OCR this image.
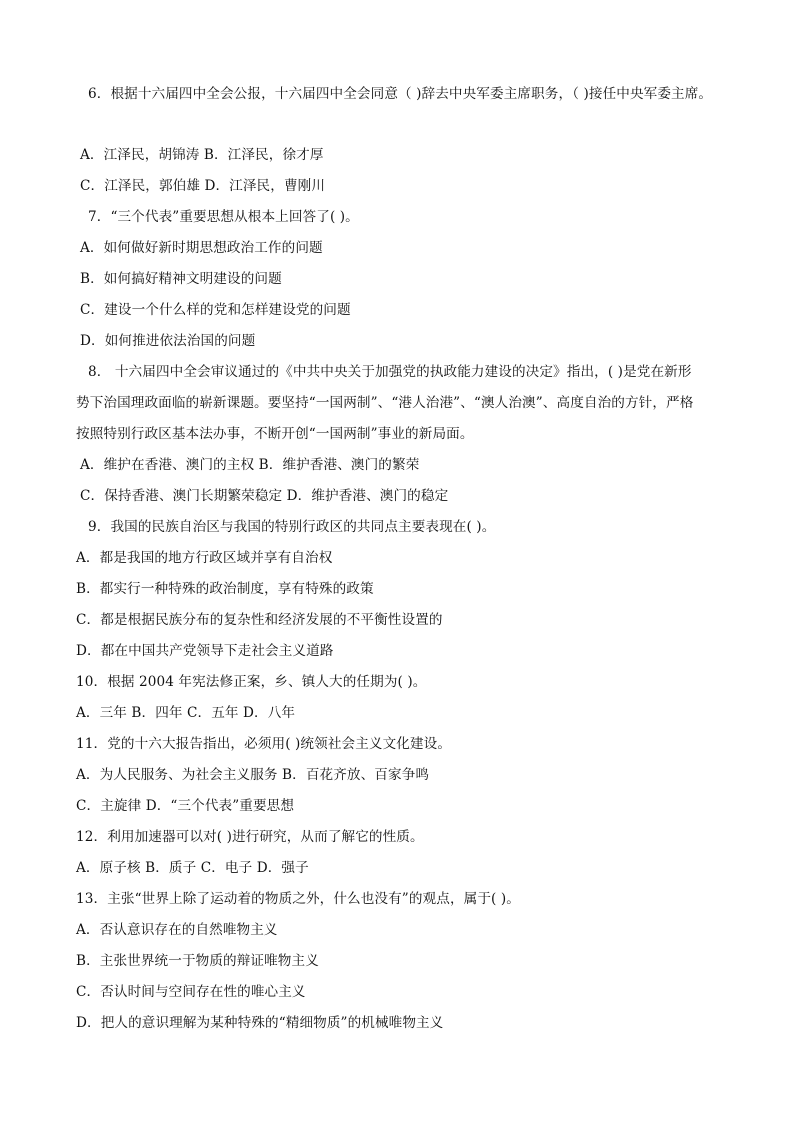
6．根据十六届四中全会公报，十六届四中全会同意（ )辞去中央军委主席职务，（ )接任中央军委主席。
A．江泽民，胡锦涛 B．江泽民，徐才厚
C．江泽民，郭伯雄 D．江泽民，曹刚川
7．“三个代表”重要思想从根本上回答了( )。
A．如何做好新时期思想政治工作的问题
B．如何搞好精神文明建设的问题
C．建设一个什么样的党和怎样建设党的问题
D．如何推进依法治国的问题
8． 十六届四中全会审议通过的《中共中央关于加强党的执政能力建设的决定》指出，( )是党在新形
势下治国理政面临的崭新课题。要坚持“一国两制”、“港人治港”、“澳人治澳”、高度自治的方针，严格
按照特别行政区基本法办事，不断开创“一国两制”事业的新局面。
A．维护在香港、澳门的主权 B．维护香港、澳门的繁荣
C．保持香港、澳门长期繁荣稳定 D．维护香港、澳门的稳定
9．我国的民族自治区与我国的特别行政区的共同点主要表现在( )。
A．都是我国的地方行政区域并享有自治权
B．都实行一种特殊的政治制度，享有特殊的政策
C．都是根据民族分布的复杂性和经济发展的不平衡性设置的
D．都在中国共产党领导下走社会主义道路
10．根据 2004 年宪法修正案，乡、镇人大的任期为( )。
A．三年 B．四年 C．五年 D．八年
11．党的十六大报告指出，必须用( )统领社会主义文化建设。
A．为人民服务、为社会主义服务 B．百花齐放、百家争鸣
C．主旋律 D．“三个代表”重要思想
12．利用加速器可以对( )进行研究，从而了解它的性质。
A．原子核 B．质子 C．电子 D．强子
13．主张“世界上除了运动着的物质之外，什么也没有”的观点，属于( )。
A．否认意识存在的自然唯物主义
B．主张世界统一于物质的辩证唯物主义
C．否认时间与空间存在性的唯心主义
D．把人的意识理解为某种特殊的“精细物质”的机械唯物主义
